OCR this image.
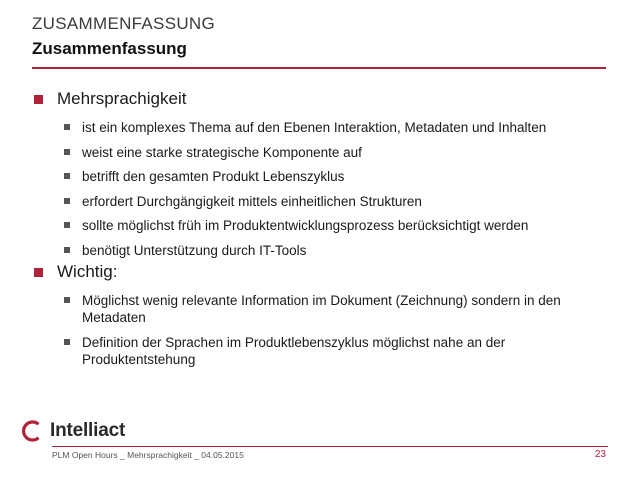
ZUSAMMENFASSUNG
Zusammenfassung
Mehrsprachigkeit
ist ein komplexes Thema auf den Ebenen Interaktion, Metadaten und Inhalten
weist eine starke strategische Komponente auf
betrifft den gesamten Produkt Lebenszyklus
erfordert Durchgängigkeit mittels einheitlichen Strukturen
sollte möglichst früh im Produktentwicklungsprozess berücksichtigt werden
benötigt Unterstützung durch IT-Tools
Wichtig:
Möglichst wenig relevante Information im Dokument (Zeichnung) sondern in den Metadaten
Definition der Sprachen im Produktlebenszyklus möglichst nahe an der Produktentstehung
Intelliact
PLM Open Hours _ Mehrsprachigkeit _ 04.05.2015	23
